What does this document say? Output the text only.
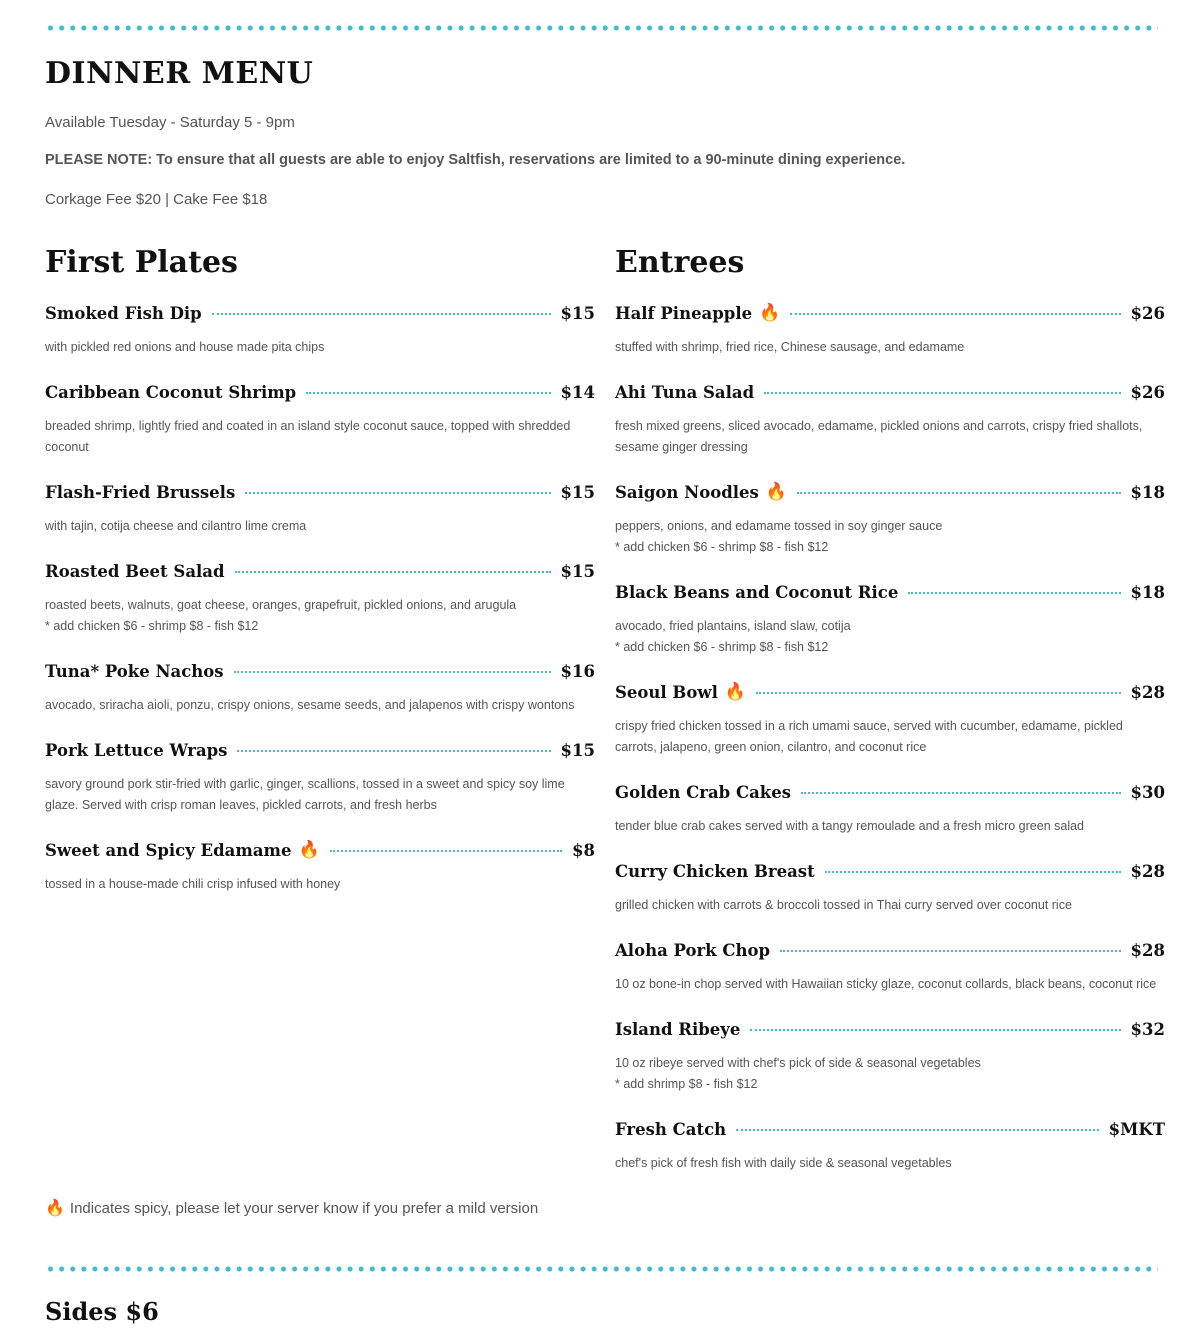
DINNER MENU
Available Tuesday - Saturday 5 - 9pm
PLEASE NOTE: To ensure that all guests are able to enjoy Saltfish, reservations are limited to a 90-minute dining experience.
Corkage Fee $20 | Cake Fee $18
First Plates
Smoked Fish Dip	$15
with pickled red onions and house made pita chips
Caribbean Coconut Shrimp	$14
breaded shrimp, lightly fried and coated in an island style coconut sauce, topped with shredded
coconut
Flash-Fried Brussels	$15
with tajin, cotija cheese and cilantro lime crema
Roasted Beet Salad	$15
roasted beets, walnuts, goat cheese, oranges, grapefruit, pickled onions, and arugula
* add chicken $6 - shrimp $8 - fish $12
Tuna* Poke Nachos	$16
avocado, sriracha aioli, ponzu, crispy onions, sesame seeds, and jalapenos with crispy wontons
Pork Lettuce Wraps	$15
savory ground pork stir-fried with garlic, ginger, scallions, tossed in a sweet and spicy soy lime
glaze. Served with crisp roman leaves, pickled carrots, and fresh herbs
Sweet and Spicy Edamame 🔥	$8
tossed in a house-made chili crisp infused with honey
Entrees
Half Pineapple 🔥	$26
stuffed with shrimp, fried rice, Chinese sausage, and edamame
Ahi Tuna Salad	$26
fresh mixed greens, sliced avocado, edamame, pickled onions and carrots, crispy fried shallots,
sesame ginger dressing
Saigon Noodles 🔥	$18
peppers, onions, and edamame tossed in soy ginger sauce
* add chicken $6 - shrimp $8 - fish $12
Black Beans and Coconut Rice	$18
avocado, fried plantains, island slaw, cotija
* add chicken $6 - shrimp $8 - fish $12
Seoul Bowl 🔥	$28
crispy fried chicken tossed in a rich umami sauce, served with cucumber, edamame, pickled
carrots, jalapeno, green onion, cilantro, and coconut rice
Golden Crab Cakes	$30
tender blue crab cakes served with a tangy remoulade and a fresh micro green salad
Curry Chicken Breast	$28
grilled chicken with carrots & broccoli tossed in Thai curry served over coconut rice
Aloha Pork Chop	$28
10 oz bone-in chop served with Hawaiian sticky glaze, coconut collards, black beans, coconut rice
Island Ribeye	$32
10 oz ribeye served with chef's pick of side & seasonal vegetables
* add shrimp $8 - fish $12
Fresh Catch	$MKT
chef's pick of fresh fish with daily side & seasonal vegetables
🔥 Indicates spicy, please let your server know if you prefer a mild version
Sides $6
